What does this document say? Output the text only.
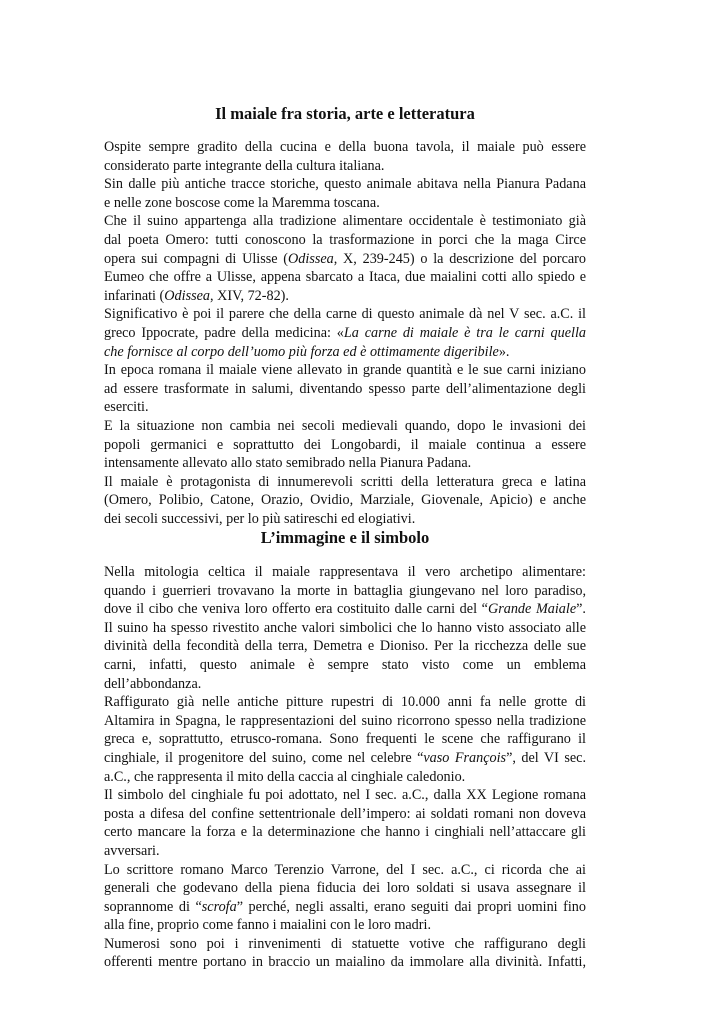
Il maiale fra storia, arte e letteratura
Ospite sempre gradito della cucina e della buona tavola, il maiale può essere
considerato parte integrante della cultura italiana.
Sin dalle più antiche tracce storiche, questo animale abitava nella Pianura Padana
e nelle zone boscose come la Maremma toscana.
Che il suino appartenga alla tradizione alimentare occidentale è testimoniato già
dal poeta Omero: tutti conoscono la trasformazione in porci che la maga Circe
opera sui compagni di Ulisse (Odissea, X, 239-245) o la descrizione del porcaro
Eumeo che offre a Ulisse, appena sbarcato a Itaca, due maialini cotti allo spiedo e
infarinati (Odissea, XIV, 72-82).
Significativo è poi il parere che della carne di questo animale dà nel V sec. a.C. il
greco Ippocrate, padre della medicina: «La carne di maiale è tra le carni quella
che fornisce al corpo dell’uomo più forza ed è ottimamente digeribile».
In epoca romana il maiale viene allevato in grande quantità e le sue carni iniziano
ad essere trasformate in salumi, diventando spesso parte dell’alimentazione degli
eserciti.
E la situazione non cambia nei secoli medievali quando, dopo le invasioni dei
popoli germanici e soprattutto dei Longobardi, il maiale continua a essere
intensamente allevato allo stato semibrado nella Pianura Padana.
Il maiale è protagonista di innumerevoli scritti della letteratura greca e latina
(Omero, Polibio, Catone, Orazio, Ovidio, Marziale, Giovenale, Apicio) e anche
dei secoli successivi, per lo più satireschi ed elogiativi.
L’immagine e il simbolo
Nella mitologia celtica il maiale rappresentava il vero archetipo alimentare:
quando i guerrieri trovavano la morte in battaglia giungevano nel loro paradiso,
dove il cibo che veniva loro offerto era costituito dalle carni del “Grande Maiale”.
Il suino ha spesso rivestito anche valori simbolici che lo hanno visto associato alle
divinità della fecondità della terra, Demetra e Dioniso. Per la ricchezza delle sue
carni, infatti, questo animale è sempre stato visto come un emblema
dell’abbondanza.
Raffigurato già nelle antiche pitture rupestri di 10.000 anni fa nelle grotte di
Altamira in Spagna, le rappresentazioni del suino ricorrono spesso nella tradizione
greca e, soprattutto, etrusco-romana. Sono frequenti le scene che raffigurano il
cinghiale, il progenitore del suino, come nel celebre “vaso François”, del VI sec.
a.C., che rappresenta il mito della caccia al cinghiale caledonio.
Il simbolo del cinghiale fu poi adottato, nel I sec. a.C., dalla XX Legione romana
posta a difesa del confine settentrionale dell’impero: ai soldati romani non doveva
certo mancare la forza e la determinazione che hanno i cinghiali nell’attaccare gli
avversari.
Lo scrittore romano Marco Terenzio Varrone, del I sec. a.C., ci ricorda che ai
generali che godevano della piena fiducia dei loro soldati si usava assegnare il
soprannome di “scrofa” perché, negli assalti, erano seguiti dai propri uomini fino
alla fine, proprio come fanno i maialini con le loro madri.
Numerosi sono poi i rinvenimenti di statuette votive che raffigurano degli
offerenti mentre portano in braccio un maialino da immolare alla divinità. Infatti,
